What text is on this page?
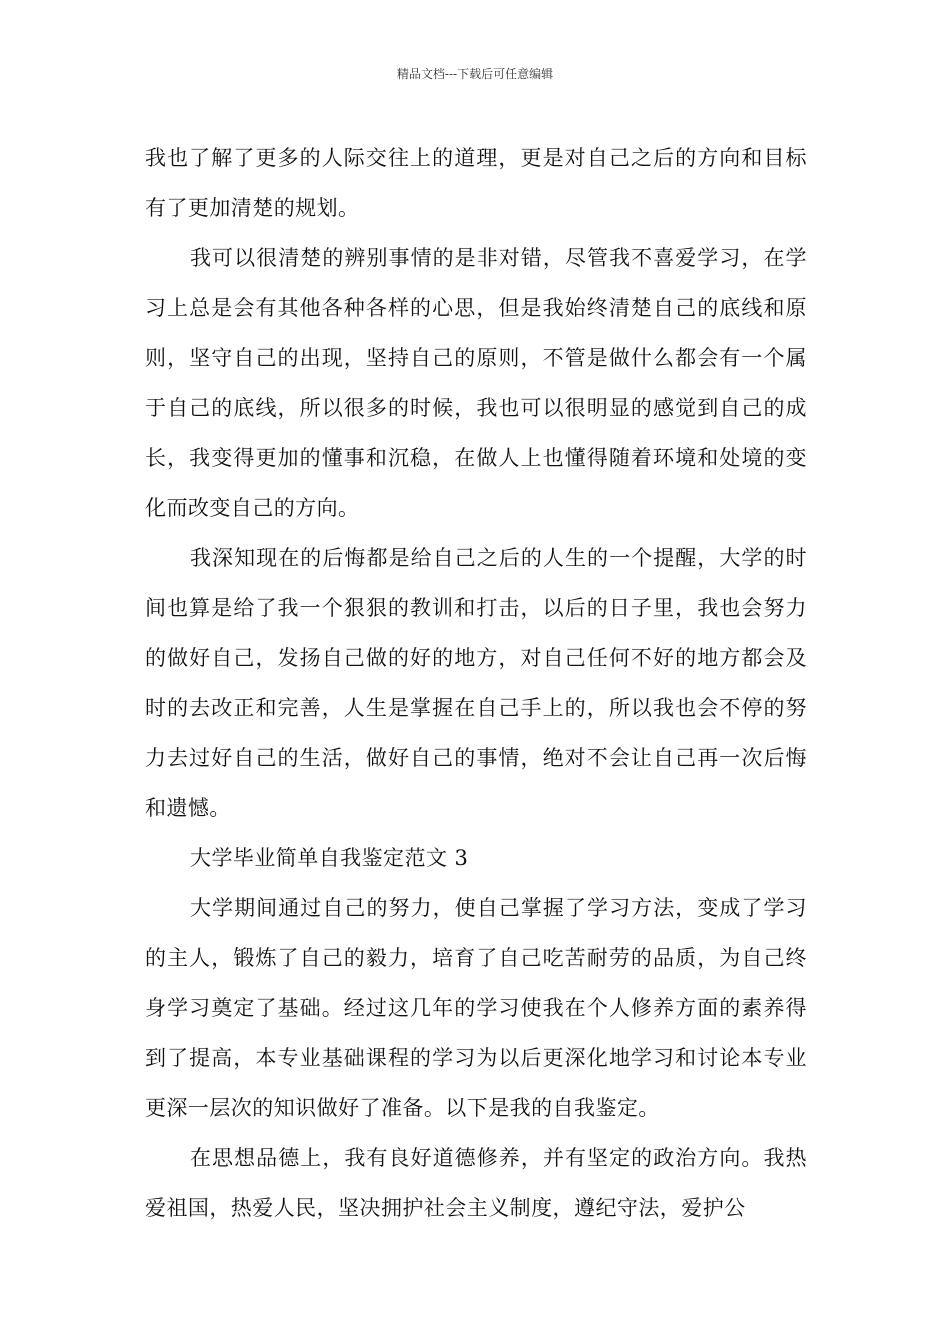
精品文档---下载后可任意编辑

我也了解了更多的人际交往上的道理，更是对自己之后的方向和目标有了更加清楚的规划。

我可以很清楚的辨别事情的是非对错，尽管我不喜爱学习，在学习上总是会有其他各种各样的心思，但是我始终清楚自己的底线和原则，坚守自己的出现，坚持自己的原则，不管是做什么都会有一个属于自己的底线，所以很多的时候，我也可以很明显的感觉到自己的成长，我变得更加的懂事和沉稳，在做人上也懂得随着环境和处境的变化而改变自己的方向。

我深知现在的后悔都是给自己之后的人生的一个提醒，大学的时间也算是给了我一个狠狠的教训和打击，以后的日子里，我也会努力的做好自己，发扬自己做的好的地方，对自己任何不好的地方都会及时的去改正和完善，人生是掌握在自己手上的，所以我也会不停的努力去过好自己的生活，做好自己的事情，绝对不会让自己再一次后悔和遗憾。

大学毕业简单自我鉴定范文 3

大学期间通过自己的努力，使自己掌握了学习方法，变成了学习的主人，锻炼了自己的毅力，培育了自己吃苦耐劳的品质，为自己终身学习奠定了基础。经过这几年的学习使我在个人修养方面的素养得到了提高，本专业基础课程的学习为以后更深化地学习和讨论本专业更深一层次的知识做好了准备。以下是我的自我鉴定。

在思想品德上，我有良好道德修养，并有坚定的政治方向。我热爱祖国，热爱人民，坚决拥护社会主义制度，遵纪守法，爱护公
